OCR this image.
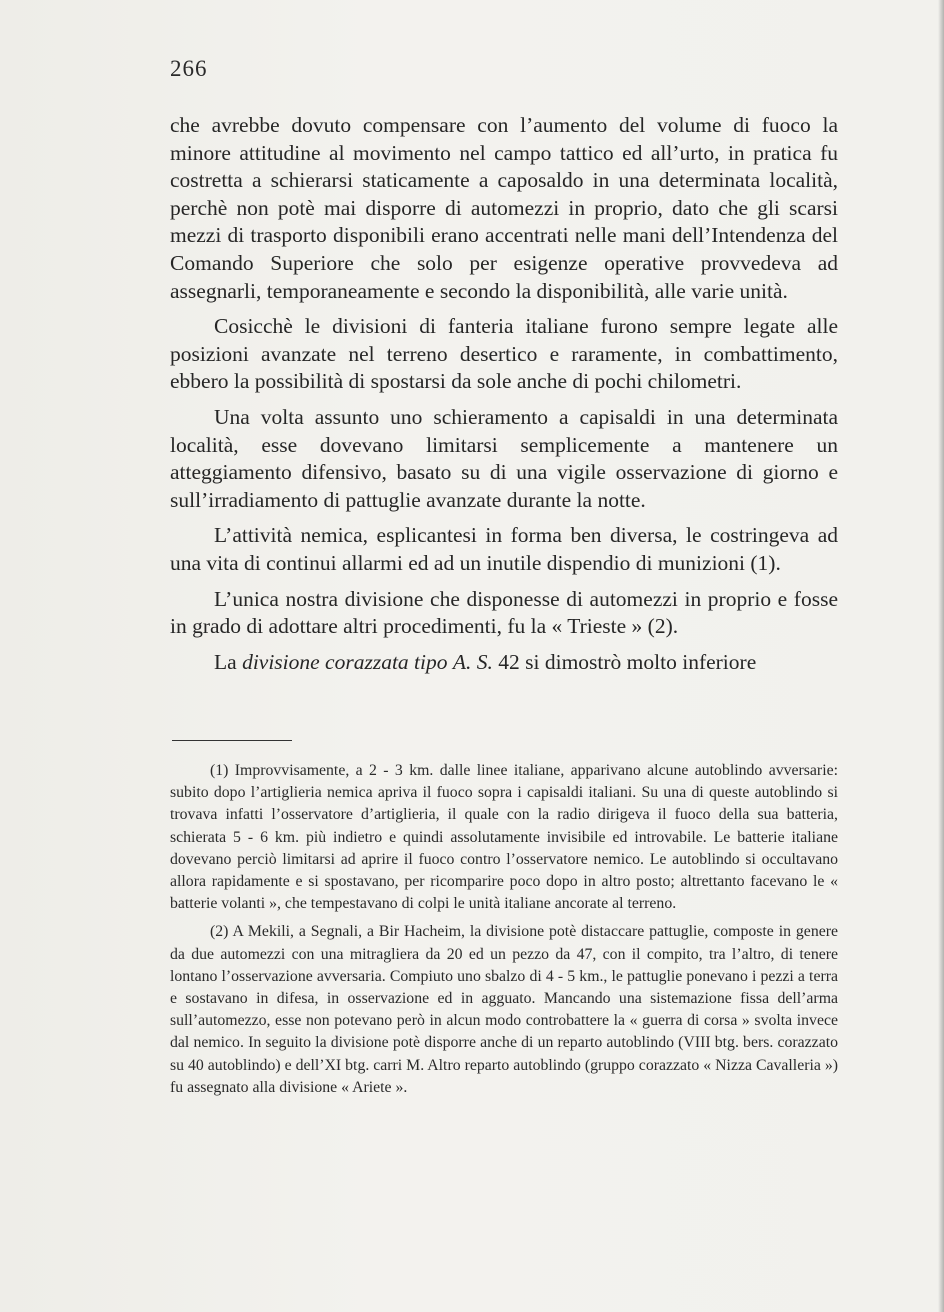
266

che avrebbe dovuto compensare con l’aumento del volume di fuoco la minore attitudine al movimento nel campo tattico ed all’urto, in pratica fu costretta a schierarsi staticamente a caposaldo in una determinata località, perchè non potè mai disporre di automezzi in proprio, dato che gli scarsi mezzi di trasporto disponibili erano accentrati nelle mani dell’Intendenza del Comando Superiore che solo per esigenze operative provvedeva ad assegnarli, temporaneamente e secondo la disponibilità, alle varie unità.

Cosicchè le divisioni di fanteria italiane furono sempre legate alle posizioni avanzate nel terreno desertico e raramente, in combattimento, ebbero la possibilità di spostarsi da sole anche di pochi chilometri.

Una volta assunto uno schieramento a capisaldi in una determinata località, esse dovevano limitarsi semplicemente a mantenere un atteggiamento difensivo, basato su di una vigile osservazione di giorno e sull’irradiamento di pattuglie avanzate durante la notte.

L’attività nemica, esplicantesi in forma ben diversa, le costringeva ad una vita di continui allarmi ed ad un inutile dispendio di munizioni (1).

L’unica nostra divisione che disponesse di automezzi in proprio e fosse in grado di adottare altri procedimenti, fu la « Trieste » (2).

La divisione corazzata tipo A. S. 42 si dimostrò molto inferiore

(1) Improvvisamente, a 2 - 3 km. dalle linee italiane, apparivano alcune autoblindo avversarie: subito dopo l’artiglieria nemica apriva il fuoco sopra i capisaldi italiani. Su una di queste autoblindo si trovava infatti l’osservatore d’artiglieria, il quale con la radio dirigeva il fuoco della sua batteria, schierata 5 - 6 km. più indietro e quindi assolutamente invisibile ed introvabile. Le batterie italiane dovevano perciò limitarsi ad aprire il fuoco contro l’osservatore nemico. Le autoblindo si occultavano allora rapidamente e si spostavano, per ricomparire poco dopo in altro posto; altrettanto facevano le « batterie volanti », che tempestavano di colpi le unità italiane ancorate al terreno.

(2) A Mekili, a Segnali, a Bir Hacheim, la divisione potè distaccare pattuglie, composte in genere da due automezzi con una mitragliera da 20 ed un pezzo da 47, con il compito, tra l’altro, di tenere lontano l’osservazione avversaria. Compiuto uno sbalzo di 4 - 5 km., le pattuglie ponevano i pezzi a terra e sostavano in difesa, in osservazione ed in agguato. Mancando una sistemazione fissa dell’arma sull’automezzo, esse non potevano però in alcun modo controbattere la « guerra di corsa » svolta invece dal nemico. In seguito la divisione potè disporre anche di un reparto autoblindo (VIII btg. bers. corazzato su 40 autoblindo) e dell’XI btg. carri M. Altro reparto autoblindo (gruppo corazzato « Nizza Cavalleria ») fu assegnato alla divisione « Ariete ».
